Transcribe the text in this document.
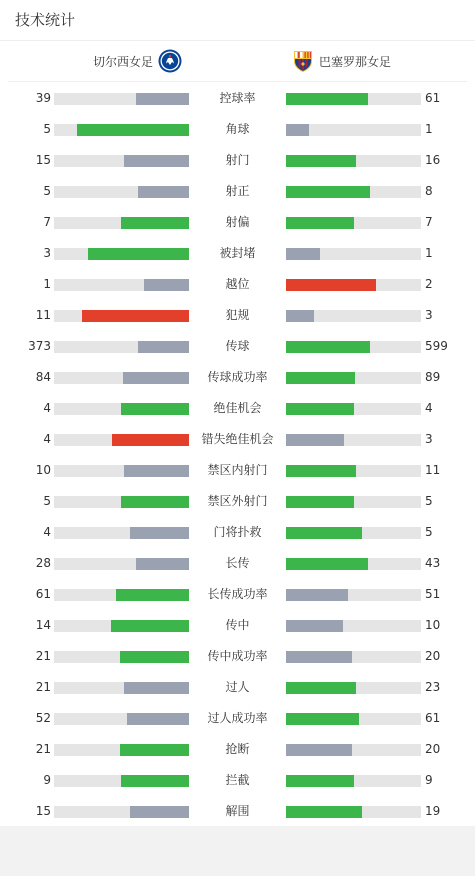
技术统计
切尔西女足	巴塞罗那女足
39	控球率	61
5	角球	1
15	射门	16
5	射正	8
7	射偏	7
3	被封堵	1
1	越位	2
11	犯规	3
373	传球	599
84	传球成功率	89
4	绝佳机会	4
4	错失绝佳机会	3
10	禁区内射门	11
5	禁区外射门	5
4	门将扑救	5
28	长传	43
61	长传成功率	51
14	传中	10
21	传中成功率	20
21	过人	23
52	过人成功率	61
21	抢断	20
9	拦截	9
15	解围	19
